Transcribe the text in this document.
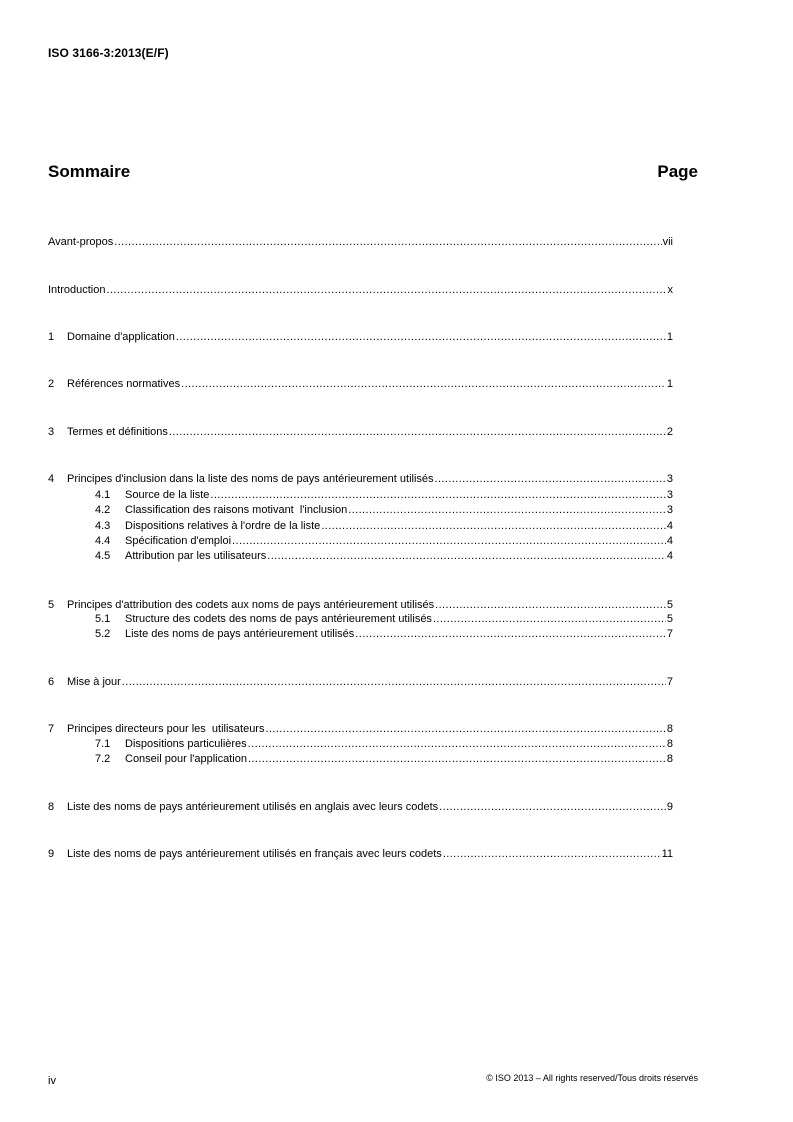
ISO 3166-3:2013(E/F)
Sommaire	Page
Avant-propos .....	vii
Introduction .....	x
1	Domaine d'application .....	1
2	Références normatives .....	1
3	Termes et définitions .....	2
4	Principes d'inclusion dans la liste des noms de pays antérieurement utilisés .....	3
4.1	Source de la liste .....	3
4.2	Classification des raisons motivant  l'inclusion .....	3
4.3	Dispositions relatives à l'ordre de la liste .....	4
4.4	Spécification d'emploi .....	4
4.5	Attribution par les utilisateurs .....	4
5	Principes d'attribution des codets aux noms de pays antérieurement utilisés .....	5
5.1	Structure des codets des noms de pays antérieurement utilisés .....	5
5.2	Liste des noms de pays antérieurement utilisés .....	7
6	Mise à jour .....	7
7	Principes directeurs pour les  utilisateurs .....	8
7.1	Dispositions particulières .....	8
7.2	Conseil pour l'application .....	8
8	Liste des noms de pays antérieurement utilisés en anglais avec leurs codets .....	9
9	Liste des noms de pays antérieurement utilisés en français avec leurs codets .....	11
iv	© ISO 2013 – All rights reserved/Tous droits réservés
